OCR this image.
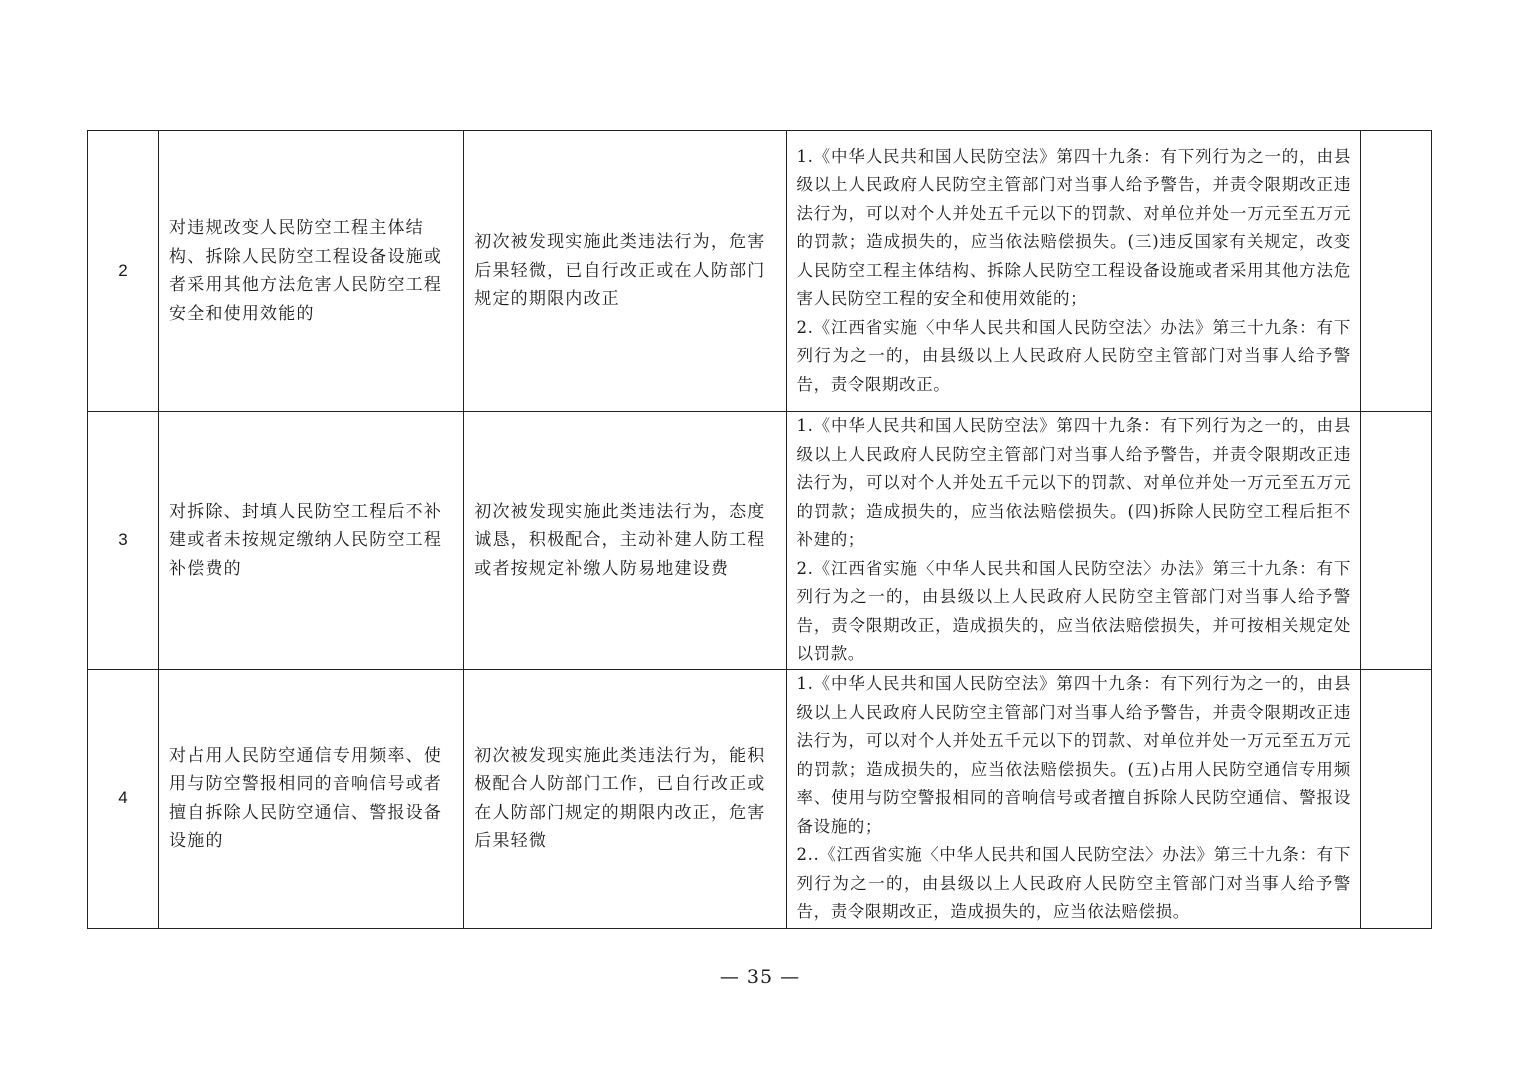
2	对违规改变人民防空工程主体结构、拆除人民防空工程设备设施或者采用其他方法危害人民防空工程安全和使用效能的	初次被发现实施此类违法行为，危害后果轻微，已自行改正或在人防部门规定的期限内改正	1.《中华人民共和国人民防空法》第四十九条：有下列行为之一的，由县级以上人民政府人民防空主管部门对当事人给予警告，并责令限期改正违法行为，可以对个人并处五千元以下的罚款、对单位并处一万元至五万元的罚款；造成损失的，应当依法赔偿损失。(三)违反国家有关规定，改变人民防空工程主体结构、拆除人民防空工程设备设施或者采用其他方法危害人民防空工程的安全和使用效能的；
2.《江西省实施〈中华人民共和国人民防空法〉办法》第三十九条：有下列行为之一的，由县级以上人民政府人民防空主管部门对当事人给予警告，责令限期改正。	

3	对拆除、封填人民防空工程后不补建或者未按规定缴纳人民防空工程补偿费的	初次被发现实施此类违法行为，态度诚恳，积极配合，主动补建人防工程或者按规定补缴人防易地建设费	1.《中华人民共和国人民防空法》第四十九条：有下列行为之一的，由县级以上人民政府人民防空主管部门对当事人给予警告，并责令限期改正违法行为，可以对个人并处五千元以下的罚款、对单位并处一万元至五万元的罚款；造成损失的，应当依法赔偿损失。(四)拆除人民防空工程后拒不补建的；
2.《江西省实施〈中华人民共和国人民防空法〉办法》第三十九条：有下列行为之一的，由县级以上人民政府人民防空主管部门对当事人给予警告，责令限期改正，造成损失的，应当依法赔偿损失，并可按相关规定处以罚款。	

4	对占用人民防空通信专用频率、使用与防空警报相同的音响信号或者擅自拆除人民防空通信、警报设备设施的	初次被发现实施此类违法行为，能积极配合人防部门工作，已自行改正或在人防部门规定的期限内改正，危害后果轻微	1.《中华人民共和国人民防空法》第四十九条：有下列行为之一的，由县级以上人民政府人民防空主管部门对当事人给予警告，并责令限期改正违法行为，可以对个人并处五千元以下的罚款、对单位并处一万元至五万元的罚款；造成损失的，应当依法赔偿损失。(五)占用人民防空通信专用频率、使用与防空警报相同的音响信号或者擅自拆除人民防空通信、警报设备设施的；
2..《江西省实施〈中华人民共和国人民防空法〉办法》第三十九条：有下列行为之一的，由县级以上人民政府人民防空主管部门对当事人给予警告，责令限期改正，造成损失的，应当依法赔偿损。	

— 35 —
